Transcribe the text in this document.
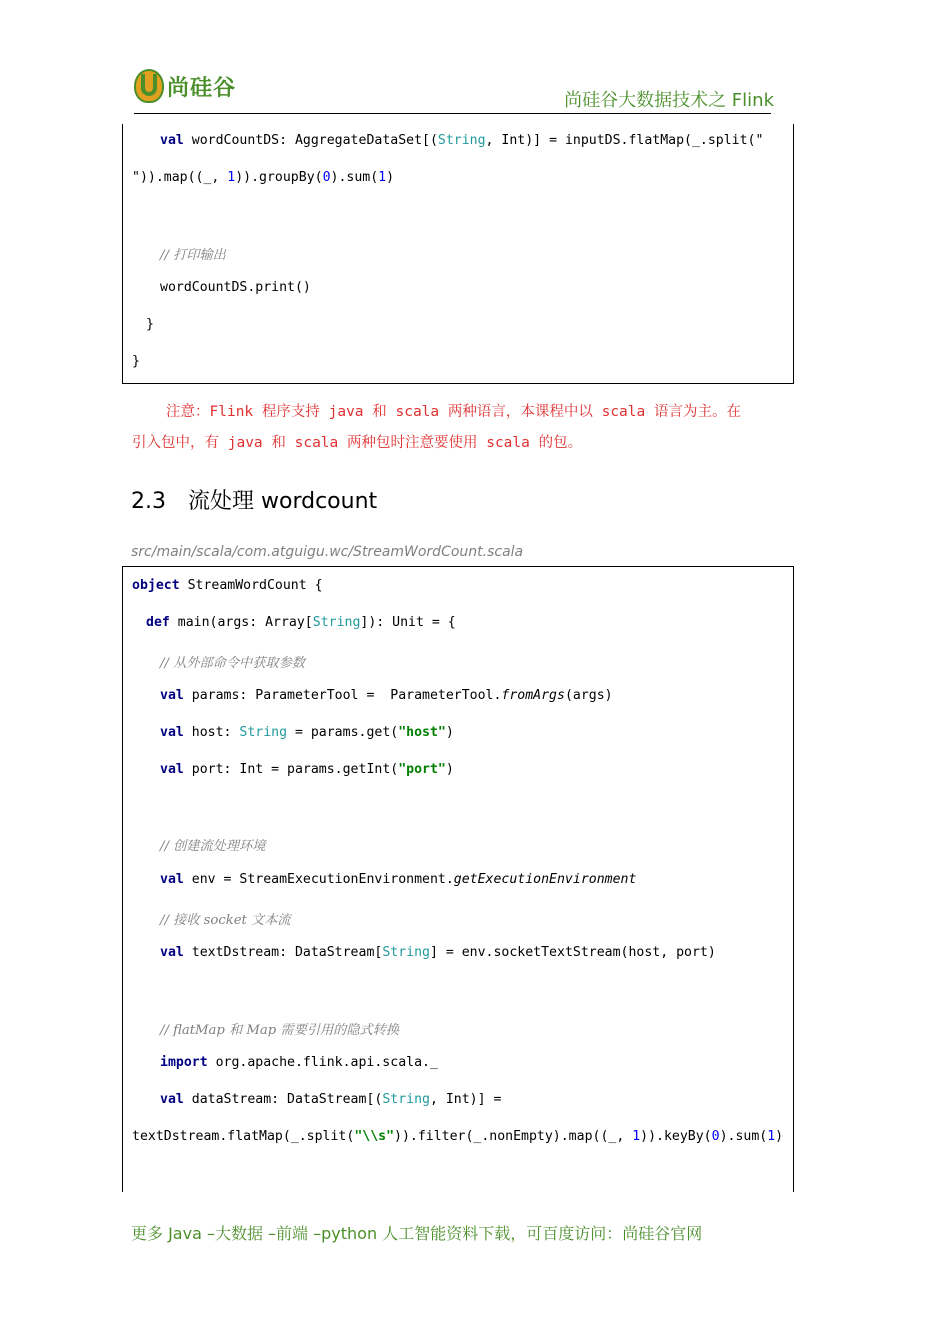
尚硅谷	尚硅谷大数据技术之 Flink
val wordCountDS: AggregateDataSet[(String, Int)] = inputDS.flatMap(_.split("
")).map((_, 1)).groupBy(0).sum(1)
// 打印输出
wordCountDS.print()
}
}
注意：Flink 程序支持 java 和 scala 两种语言，本课程中以 scala 语言为主。在
引入包中，有 java 和 scala 两种包时注意要使用 scala 的包。
2.3 流处理 wordcount
src/main/scala/com.atguigu.wc/StreamWordCount.scala
object StreamWordCount {
def main(args: Array[String]): Unit = {
// 从外部命令中获取参数
val params: ParameterTool =  ParameterTool.fromArgs(args)
val host: String = params.get("host")
val port: Int = params.getInt("port")
// 创建流处理环境
val env = StreamExecutionEnvironment.getExecutionEnvironment
// 接收 socket 文本流
val textDstream: DataStream[String] = env.socketTextStream(host, port)
// flatMap 和 Map 需要引用的隐式转换
import org.apache.flink.api.scala._
val dataStream: DataStream[(String, Int)] =
textDstream.flatMap(_.split("\\s")).filter(_.nonEmpty).map((_, 1)).keyBy(0).sum(1)
更多 Java –大数据 –前端 –python 人工智能资料下载，可百度访问：尚硅谷官网
